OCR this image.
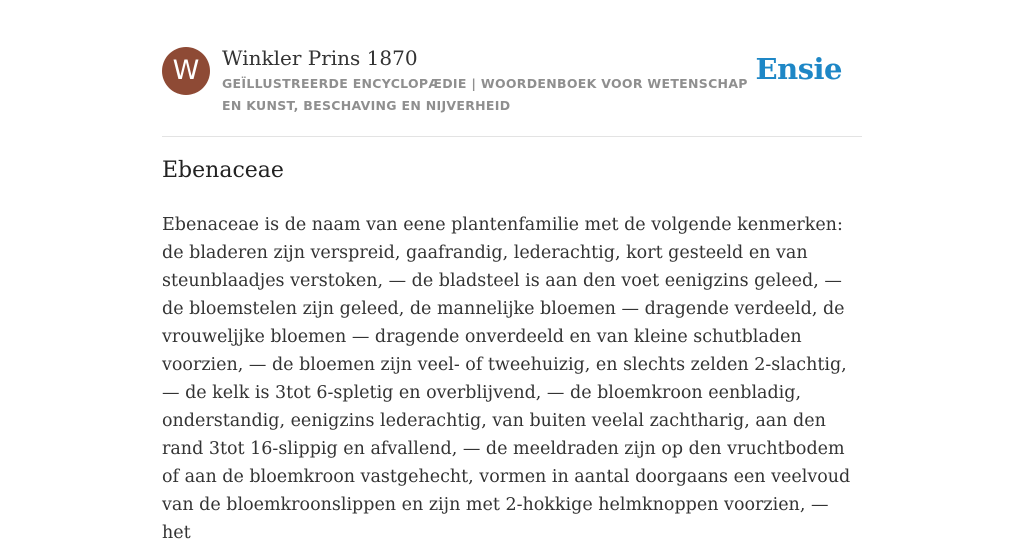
W	Winkler Prins 1870
GEÏLLUSTREERDE ENCYCLOPÆDIE | WOORDENBOEK VOOR WETENSCHAP EN KUNST, BESCHAVING EN NIJVERHEID
Ensie
Ebenaceae

Ebenaceae is de naam van eene plantenfamilie met de volgende kenmerken: de bladeren zijn verspreid, gaafrandig, lederachtig, kort gesteeld en van steunblaadjes verstoken, — de bladsteel is aan den voet eenigzins geleed, — de bloemstelen zijn geleed, de mannelijke bloemen — dragende verdeeld, de vrouweljjke bloemen — dragende onverdeeld en van kleine schutbladen voorzien, — de bloemen zijn veel- of tweehuizig, en slechts zelden 2-slachtig, — de kelk is 3tot 6-spletig en overblijvend, — de bloemkroon eenbladig, onderstandig, eenigzins lederachtig, van buiten veelal zachtharig, aan den rand 3tot 16-slippig en afvallend, — de meeldraden zijn op den vruchtbodem of aan de bloemkroon vastgehecht, vormen in aantal doorgaans een veelvoud van de bloemkroonslippen en zijn met 2-hokkige helmknoppen voorzien, — het
